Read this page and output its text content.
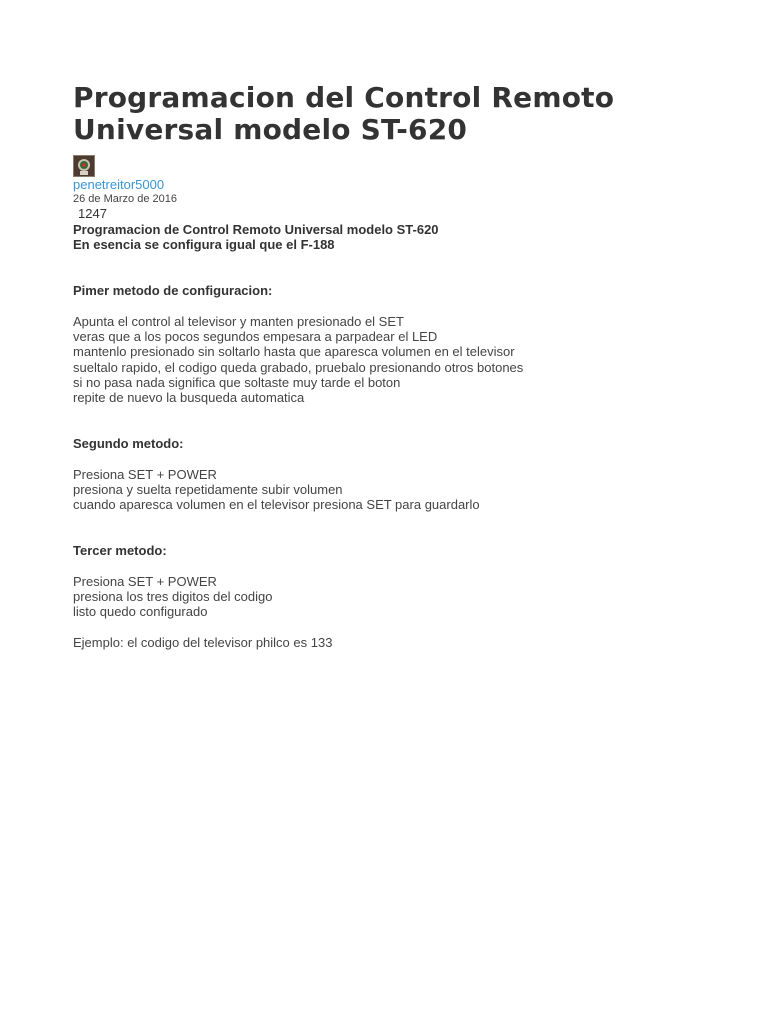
Programacion del Control Remoto
Universal modelo ST-620
penetreitor5000
26 de Marzo de 2016
1247
Programacion de Control Remoto Universal modelo ST-620
En esencia se configura igual que el F-188
Pimer metodo de configuracion:
Apunta el control al televisor y manten presionado el SET
veras que a los pocos segundos empesara a parpadear el LED
mantenlo presionado sin soltarlo hasta que aparesca volumen en el televisor
sueltalo rapido, el codigo queda grabado, pruebalo presionando otros botones
si no pasa nada significa que soltaste muy tarde el boton
repite de nuevo la busqueda automatica
Segundo metodo:
Presiona SET + POWER
presiona y suelta repetidamente subir volumen
cuando aparesca volumen en el televisor presiona SET para guardarlo
Tercer metodo:
Presiona SET + POWER
presiona los tres digitos del codigo
listo quedo configurado
Ejemplo: el codigo del televisor philco es 133
